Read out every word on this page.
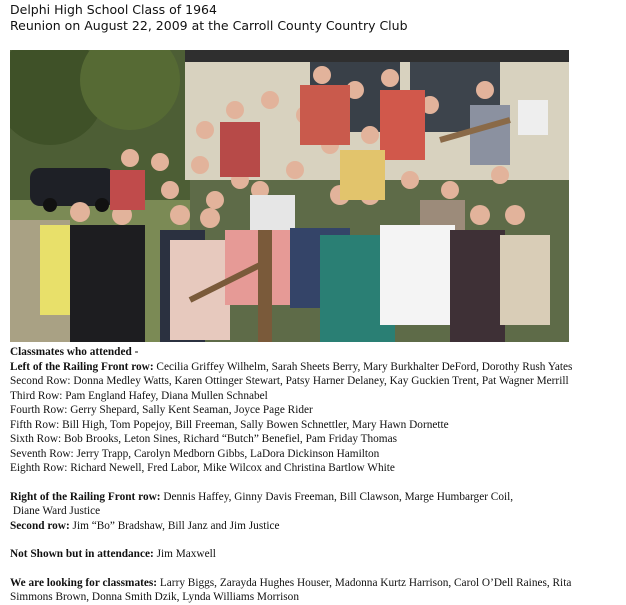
Delphi High School Class of 1964
Reunion on August 22, 2009 at the Carroll County Country Club
Classmates who attended -
Left of the Railing Front row: Cecilia Griffey Wilhelm, Sarah Sheets Berry, Mary Burkhalter DeFord, Dorothy Rush Yates
Second Row: Donna Medley Watts, Karen Ottinger Stewart, Patsy Harner Delaney, Kay Guckien Trent, Pat Wagner Merrill
Third Row: Pam England Hafey, Diana Mullen Schnabel
Fourth Row: Gerry Shepard, Sally Kent Seaman, Joyce Page Rider
Fifth Row: Bill High, Tom Popejoy, Bill Freeman, Sally Bowen Schnettler, Mary Hawn Dornette
Sixth Row: Bob Brooks, Leton Sines, Richard “Butch” Benefiel, Pam Friday Thomas
Seventh Row: Jerry Trapp, Carolyn Medborn Gibbs, LaDora Dickinson Hamilton
Eighth Row: Richard Newell, Fred Labor, Mike Wilcox and Christina Bartlow White
Right of the Railing Front row: Dennis Haffey, Ginny Davis Freeman, Bill Clawson, Marge Humbarger Coil,
Diane Ward Justice
Second row: Jim “Bo” Bradshaw, Bill Janz and Jim Justice
Not Shown but in attendance: Jim Maxwell
We are looking for classmates: Larry Biggs, Zarayda Hughes Houser, Madonna Kurtz Harrison, Carol O’Dell Raines, Rita
Simmons Brown, Donna Smith Dzik, Lynda Williams Morrison
